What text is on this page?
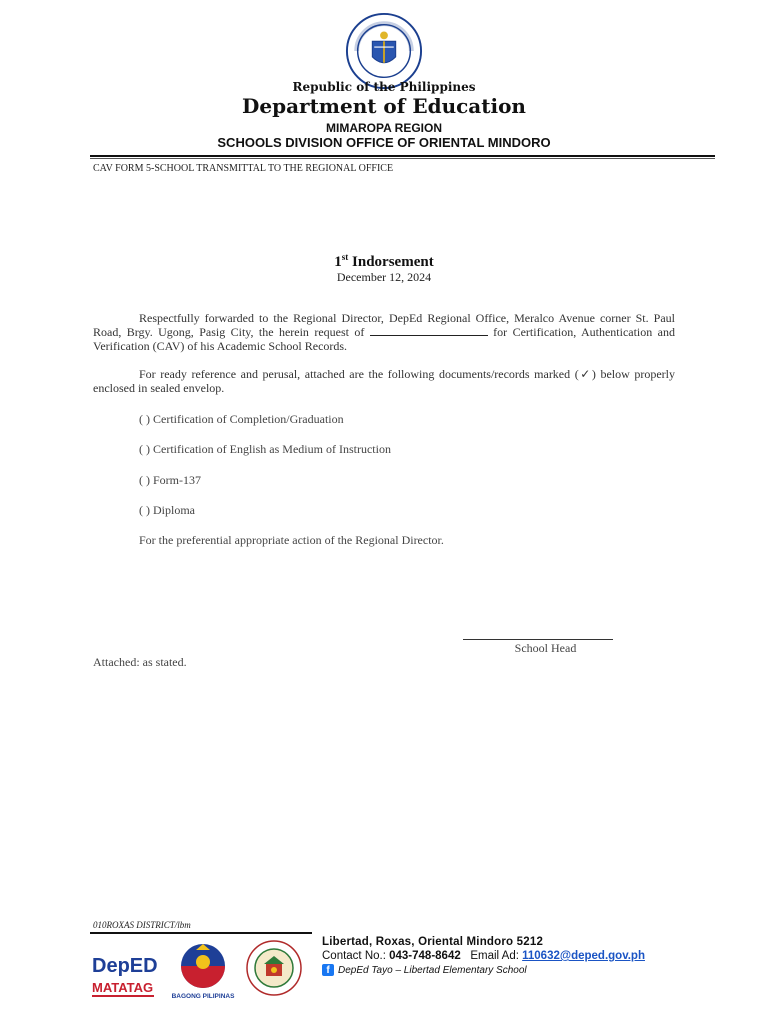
Republic of the Philippines
Department of Education
MIMAROPA REGION
SCHOOLS DIVISION OFFICE OF ORIENTAL MINDORO
CAV FORM 5-SCHOOL TRANSMITTAL TO THE REGIONAL OFFICE
1st Indorsement
December 12, 2024
Respectfully forwarded to the Regional Director, DepEd Regional Office, Meralco Avenue corner St. Paul Road, Brgy. Ugong, Pasig City, the herein request of	for Certification, Authentication and Verification (CAV) of his Academic School Records.
For ready reference and perusal, attached are the following documents/records marked (✓) below properly enclosed in sealed envelop.
( ) Certification of Completion/Graduation
( ) Certification of English as Medium of Instruction
( ) Form-137
( ) Diploma
For the preferential appropriate action of the Regional Director.
School Head
Attached: as stated.
010ROXAS DISTRICT/lbm
DepED
MATATAG
BAGONG PILIPINAS
Libertad, Roxas, Oriental Mindoro 5212
Contact No.: 043-748-8642 Email Ad: 110632@deped.gov.ph
f DepEd Tayo – Libertad Elementary School
